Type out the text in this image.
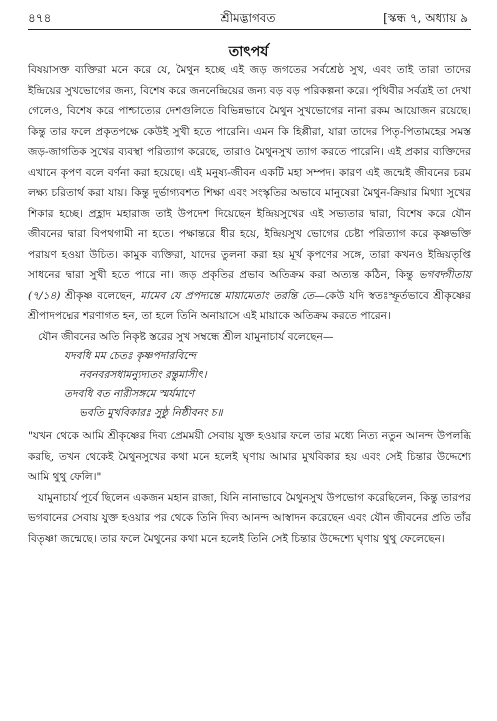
৪৭৪	শ্রীমদ্ভাগবত	[স্কন্ধ ৭, অধ্যায় ৯
তাৎপর্য

বিষয়াসক্ত ব্যক্তিরা মনে করে যে, মৈথুন হচ্ছে এই জড় জগতের সর্বশ্রেষ্ঠ সুখ, এবং তাই তারা তাদের ইন্দ্রিয়ের সুখভোগের জন্য, বিশেষ করে জননেন্দ্রিয়ের জন্য বড় বড় পরিকল্পনা করে। পৃথিবীর সর্বত্রই তা দেখা গেলেও, বিশেষ করে পাশ্চাত্যের দেশগুলিতে বিভিন্নভাবে মৈথুন সুখভোগের নানা রকম আয়োজন রয়েছে। কিন্তু তার ফলে প্রকৃতপক্ষে কেউই সুখী হতে পারেনি। এমন কি হিপ্পীরা, যারা তাদের পিতৃ-পিতামহের সমস্ত জড়-জাগতিক সুখের ব্যবস্থা পরিত্যাগ করেছে, তারাও মৈথুনসুখ ত্যাগ করতে পারেনি। এই প্রকার ব্যক্তিদের এখানে কৃপণ বলে বর্ণনা করা হয়েছে। এই মনুষ্য-জীবন একটি মহা সম্পদ। কারণ এই জন্মেই জীবনের চরম লক্ষ্য চরিতার্থ করা যায়। কিন্তু দুর্ভাগ্যবশত শিক্ষা এবং সংস্কৃতির অভাবে মানুষেরা মৈথুন-ক্রিয়ার মিথ্যা সুখের শিকার হচ্ছে। প্রহ্লাদ মহারাজ তাই উপদেশ দিয়েছেন ইন্দ্রিয়সুখের এই সভ্যতার দ্বারা, বিশেষ করে যৌন জীবনের দ্বারা বিপথগামী না হতে। পক্ষান্তরে ধীর হয়ে, ইন্দ্রিয়সুখ ভোগের চেষ্টা পরিত্যাগ করে কৃষ্ণভক্তি পরায়ণ হওয়া উচিত। কামুক ব্যক্তিরা, যাদের তুলনা করা হয় মূর্খ কৃপণের সঙ্গে, তারা কখনও ইন্দ্রিয়তৃপ্তি সাধনের দ্বারা সুখী হতে পারে না। জড় প্রকৃতির প্রভাব অতিক্রম করা অত্যন্ত কঠিন, কিন্তু ভগবদ্গীতায় (৭/১৪) শ্রীকৃষ্ণ বলেছেন, মামেব যে প্রপদ্যন্তে মায়ামেতাং তরন্তি তে—কেউ যদি স্বতঃস্ফূর্তভাবে শ্রীকৃষ্ণের শ্রীপাদপদ্মের শরণাগত হন, তা হলে তিনি অনায়াসে এই মায়াকে অতিক্রম করতে পারেন।

যৌন জীবনের অতি নিকৃষ্ট স্তরের সুখ সম্বন্ধে শ্রীল যামুনাচার্য বলেছেন—

যদবধি মম চেতঃ কৃষ্ণপদারবিন্দে
নবনবরসধামন্যুদ্যতং রন্তুমাসীৎ।
তদবধি বত নারীসঙ্গমে স্মর্যমাণে
ভবতি মুখবিকারঃ সুষ্ঠু নিষ্ঠীবনং চ॥

"যখন থেকে আমি শ্রীকৃষ্ণের দিব্য প্রেমময়ী সেবায় যুক্ত হওয়ার ফলে তার মধ্যে নিত্য নতুন আনন্দ উপলব্ধি করছি, তখন থেকেই মৈথুনসুখের কথা মনে হলেই ঘৃণায় আমার মুখবিকার হয় এবং সেই চিন্তার উদ্দেশ্যে আমি থুথু ফেলি।"

যামুনাচার্য পূর্বে ছিলেন একজন মহান রাজা, যিনি নানাভাবে মৈথুনসুখ উপভোগ করেছিলেন, কিন্তু তারপর ভগবানের সেবায় যুক্ত হওয়ার পর থেকে তিনি দিব্য আনন্দ আস্বাদন করেছেন এবং যৌন জীবনের প্রতি তাঁর বিতৃষ্ণা জন্মেছে। তার ফলে মৈথুনের কথা মনে হলেই তিনি সেই চিন্তার উদ্দেশ্যে ঘৃণায় থুথু ফেলেছেন।
